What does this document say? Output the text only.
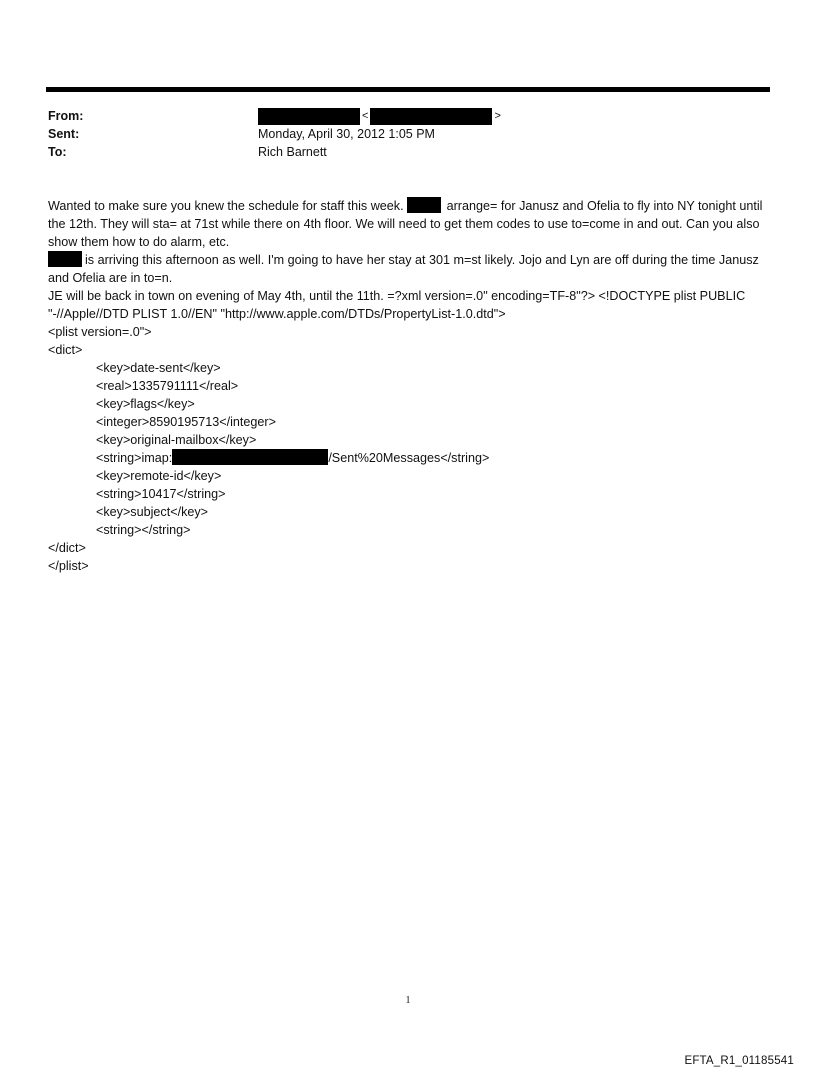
From:	<	>
Sent:	Monday, April 30, 2012 1:05 PM
To:	Rich Barnett

Wanted to make sure you knew the schedule for staff this week.	arrange= for Janusz and Ofelia to fly into NY tonight until the 12th. They will sta= at 71st while there on 4th floor. We will need to get them codes to use to=come in and out. Can you also show them how to do alarm, etc.

is arriving this afternoon as well. I'm going to have her stay at 301 m=st likely. Jojo and Lyn are off during the time Janusz and Ofelia are in to=n.

JE will be back in town on evening of May 4th, until the 11th. =?xml version=.0" encoding=TF-8"?> <!DOCTYPE plist PUBLIC "-//Apple//DTD PLIST 1.0//EN" "http://www.apple.com/DTDs/PropertyList-1.0.dtd">

<plist version=.0">
<dict>
<key>date-sent</key>
<real>1335791111</real>
<key>flags</key>
<integer>8590195713</integer>
<key>original-mailbox</key>
<string>imap:	/Sent%20Messages</string>
<key>remote-id</key>
<string>10417</string>
<key>subject</key>
<string></string>
</dict>
</plist>
1
EFTA_R1_01185541
